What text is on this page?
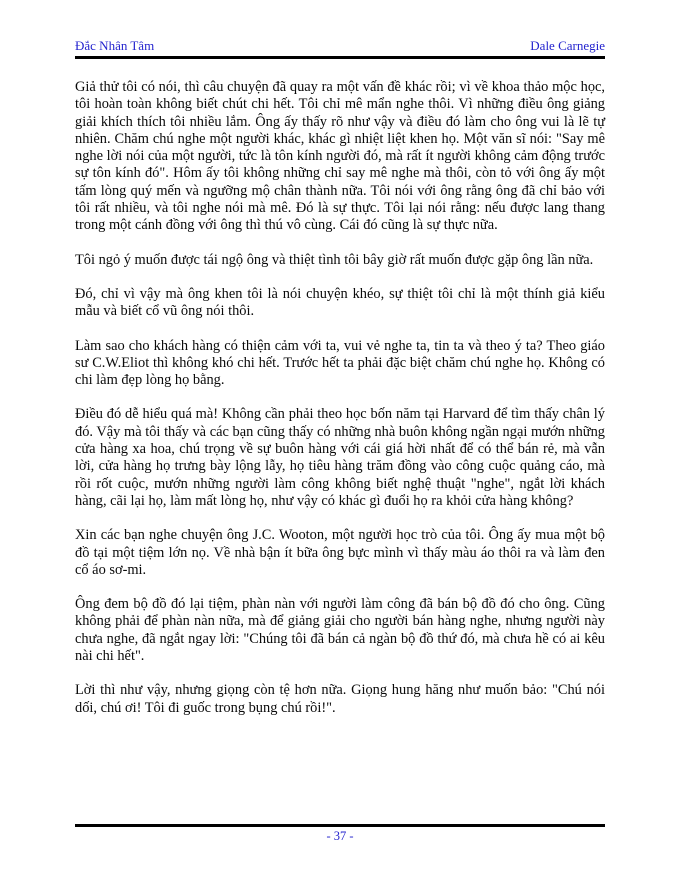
Đắc Nhân Tâm	Dale Carnegie

Giả thử tôi có nói, thì câu chuyện đã quay ra một vấn đề khác rồi; vì về khoa thảo mộc học, tôi hoàn toàn không biết chút chi hết. Tôi chỉ mê mẩn nghe thôi. Vì những điều ông giảng giải khích thích tôi nhiều lắm. Ông ấy thấy rõ như vậy và điều đó làm cho ông vui là lẽ tự nhiên. Chăm chú nghe một người khác, khác gì nhiệt liệt khen họ. Một văn sĩ nói: "Say mê nghe lời nói của một người, tức là tôn kính người đó, mà rất ít người không cảm động trước sự tôn kính đó". Hôm ấy tôi không những chỉ say mê nghe mà thôi, còn tỏ với ông ấy một tấm lòng quý mến và ngưỡng mộ chân thành nữa. Tôi nói với ông rằng ông đã chỉ bảo với tôi rất nhiều, và tôi nghe nói mà mê. Đó là sự thực. Tôi lại nói rằng: nếu được lang thang trong một cánh đồng với ông thì thú vô cùng. Cái đó cũng là sự thực nữa.

Tôi ngỏ ý muốn được tái ngộ ông và thiệt tình tôi bây giờ rất muốn được gặp ông lần nữa.

Đó, chỉ vì vậy mà ông khen tôi là nói chuyện khéo, sự thiệt tôi chỉ là một thính giả kiểu mẫu và biết cổ vũ ông nói thôi.

Làm sao cho khách hàng có thiện cảm với ta, vui vẻ nghe ta, tin ta và theo ý ta? Theo giáo sư C.W.Eliot thì không khó chi hết. Trước hết ta phải đặc biệt chăm chú nghe họ. Không có chi làm đẹp lòng họ bằng.

Điều đó dễ hiểu quá mà! Không cần phải theo học bốn năm tại Harvard để tìm thấy chân lý đó. Vậy mà tôi thấy và các bạn cũng thấy có những nhà buôn không ngần ngại mướn những cửa hàng xa hoa, chú trọng về sự buôn hàng với cái giá hời nhất để có thể bán rẻ, mà vẫn lời, cửa hàng họ trưng bày lộng lẫy, họ tiêu hàng trăm đồng vào công cuộc quảng cáo, mà rồi rốt cuộc, mướn những người làm công không biết nghệ thuật "nghe", ngắt lời khách hàng, cãi lại họ, làm mất lòng họ, như vậy có khác gì đuổi họ ra khỏi cửa hàng không?

Xin các bạn nghe chuyện ông J.C. Wooton, một người học trò của tôi. Ông ấy mua một bộ đồ tại một tiệm lớn nọ. Về nhà bận ít bữa ông bực mình vì thấy màu áo thôi ra và làm đen cổ áo sơ-mi.

Ông đem bộ đồ đó lại tiệm, phàn nàn với người làm công đã bán bộ đồ đó cho ông. Cũng không phải để phàn nàn nữa, mà để giảng giải cho người bán hàng nghe, nhưng người này chưa nghe, đã ngắt ngay lời: "Chúng tôi đã bán cả ngàn bộ đồ thứ đó, mà chưa hề có ai kêu nài chi hết".

Lời thì như vậy, nhưng giọng còn tệ hơn nữa. Giọng hung hăng như muốn bảo: "Chú nói dối, chú ơi! Tôi đi guốc trong bụng chú rồi!".

- 37 -
